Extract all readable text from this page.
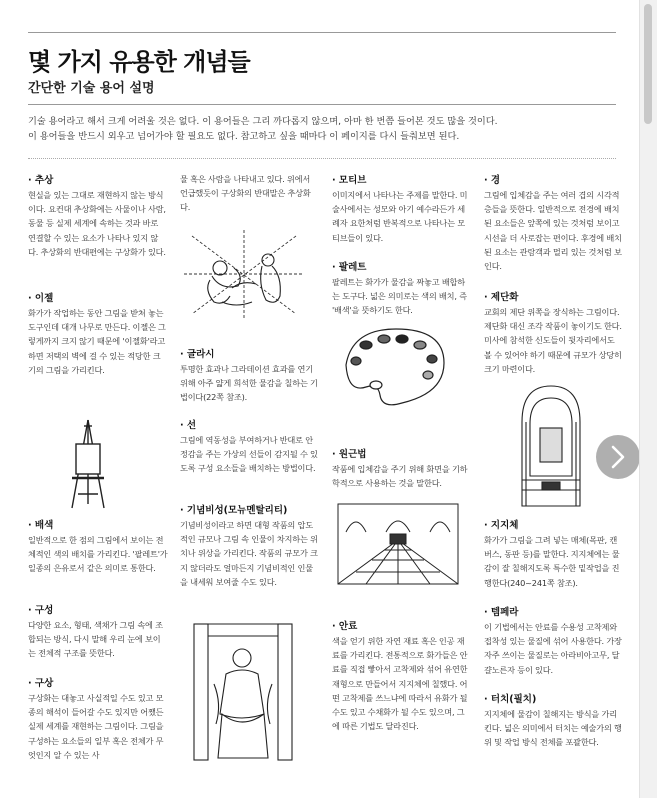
몇 가지 유용한 개념들
간단한 기술 용어 설명

기술 용어라고 해서 크게 어려울 것은 없다. 이 용어들은 그리 까다롭지 않으며, 아마 한 번쯤 들어본 것도 많을 것이다.

이 용어들을 반드시 외우고 넘어가야 할 필요도 없다. 참고하고 싶을 때마다 이 페이지를 다시 들춰보면 된다.

· 추상

현실을 있는 그대로 재현하지 않는 방식이다. 요컨대 추상화에는 사물이나 사람, 동물 등 실제 세계에 속하는 것과 바로 연결할 수 있는 요소가 나타나 있지 않다. 추상화의 반대편에는 구상화가 있다.

· 이젤

화가가 작업하는 동안 그림을 받쳐 놓는 도구인데 대개 나무로 만든다. 이젤은 그렇게까지 크지 않기 때문에 '이젤화'라고 하면 저택의 벽에 걸 수 있는 적당한 크기의 그림을 가리킨다.

· 배색

일반적으로 한 점의 그림에서 보이는 전체적인 색의 배치를 가리킨다. '팔레트'가 일종의 은유로서 같은 의미로 통한다.

· 구성

다양한 요소, 형태, 색채가 그림 속에 조합되는 방식, 다시 말해 우리 눈에 보이는 전체적 구조를 뜻한다.

· 구상

구상화는 대놓고 사실적일 수도 있고 모종의 해석이 들어갈 수도 있지만 어쨌든 실제 세계를 재현하는 그림이다. 그림을 구성하는 요소들의 일부 혹은 전체가 무엇인지 알 수 있는 사

물 혹은 사람을 나타내고 있다. 위에서 언급했듯이 구상화의 반대말은 추상화다.

· 글라시

투명한 효과나 그라데이션 효과를 연기 위해 아주 얇게 희석한 물감을 칠하는 기법이다(22쪽 참조).

· 선

그림에 역동성을 부여하거나 반대로 안정감을 주는 가상의 선들이 감지될 수 있도록 구성 요소들을 배치하는 방법이다.

· 기념비성(모뉴멘탈리티)

기념비성이라고 하면 대형 작품의 압도적인 규모나 그림 속 인물이 차지하는 위치나 위상을 가리킨다. 작품의 규모가 크지 않더라도 얼마든지 기념비적인 인물을 내세워 보여줄 수도 있다.

· 모티브

이미지에서 나타나는 주제를 말한다. 미술사에서는 성모와 아기 예수라든가 세례자 요한처럼 반복적으로 나타나는 모티브들이 있다.

· 팔레트

팔레트는 화가가 물감을 짜놓고 배합하는 도구다. 넓은 의미로는 색의 배치, 즉 '배색'을 뜻하기도 한다.

· 원근법

작품에 입체감을 주기 위해 화면을 기하학적으로 사용하는 것을 말한다.

· 안료

색을 얻기 위한 자연 재료 혹은 인공 재료를 가리킨다. 전통적으로 화가들은 안료를 직접 빻아서 고착제와 섞어 유연한 재형으로 만들어서 지지체에 칠했다. 어떤 고착제를 쓰느냐에 따라서 유화가 될 수도 있고 수채화가 될 수도 있으며, 그에 따른 기법도 달라진다.

· 경

그림에 입체감을 주는 여러 겹의 시각적 층들을 뜻한다. 일반적으로 전경에 배치된 요소들은 앞쪽에 있는 것처럼 보이고 시선을 더 사로잡는 편이다. 후경에 배치된 요소는 관람객과 멀리 있는 것처럼 보인다.

· 제단화

교회의 제단 위쪽을 장식하는 그림이다. 제단화 대신 조각 작품이 놓이기도 한다. 미사에 참석한 신도들이 뒷자리에서도 볼 수 있어야 하기 때문에 규모가 상당히 크기 마련이다.

· 지지체

화가가 그림을 그려 넣는 매체(목판, 캔버스, 동판 등)를 말한다. 지지체에는 물감이 잘 칠해지도록 특수한 밑작업을 진행한다(240~241쪽 참조).

· 템페라

이 기법에서는 안료를 수용성 고착제와 접착성 있는 물질에 섞어 사용한다. 가장 자주 쓰이는 물질로는 아라비아고무, 달걀노른자 등이 있다.

· 터치(필치)

지지체에 물감이 칠해지는 방식을 가리킨다. 넓은 의미에서 터치는 예술가의 행위 및 작업 방식 전체를 포괄한다.
